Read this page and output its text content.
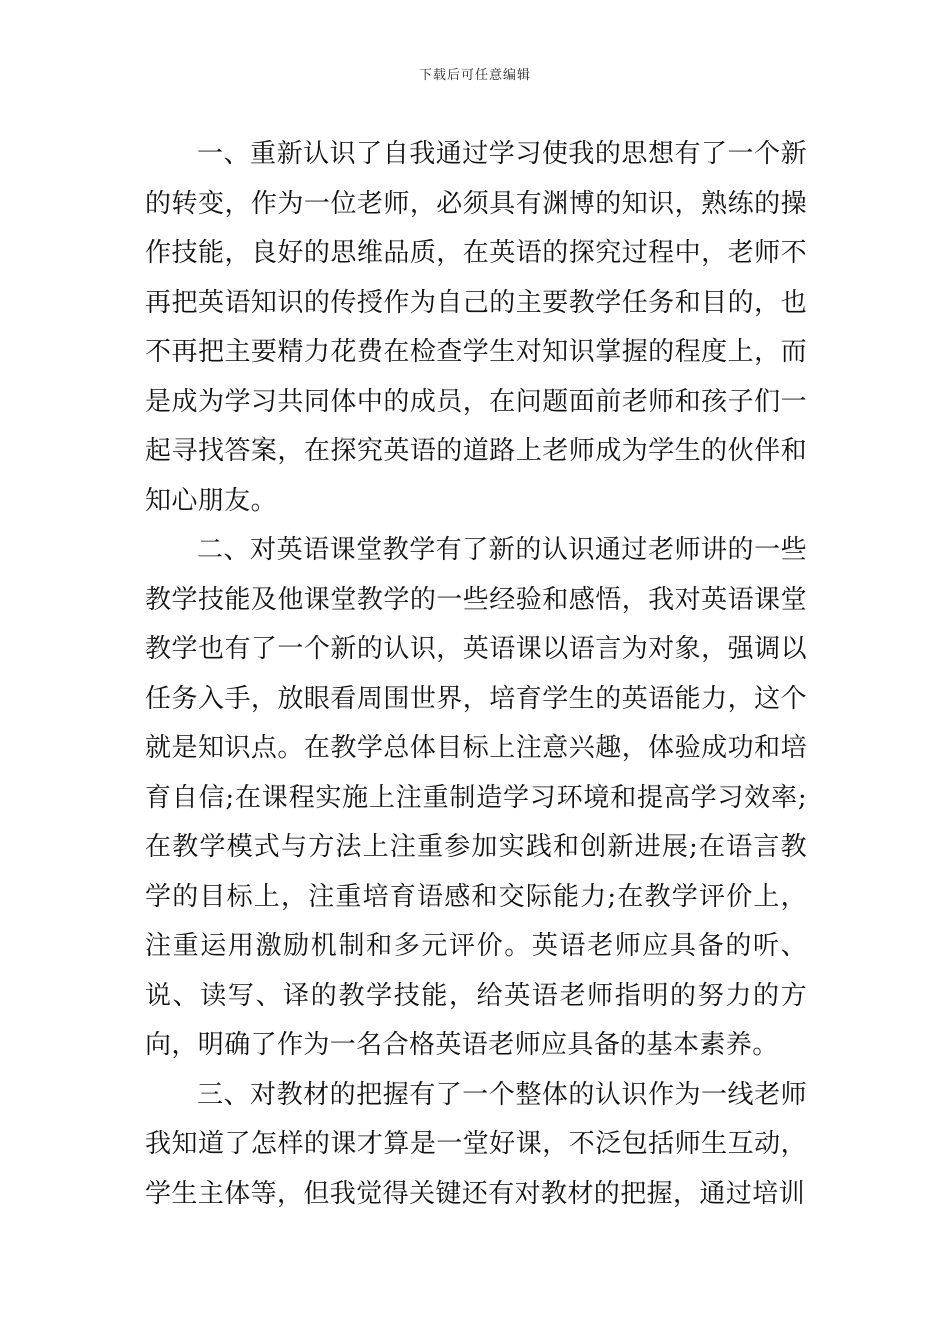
下载后可任意编辑

一、重新认识了自我通过学习使我的思想有了一个新的转变，作为一位老师，必须具有渊博的知识，熟练的操作技能，良好的思维品质，在英语的探究过程中，老师不再把英语知识的传授作为自己的主要教学任务和目的，也不再把主要精力花费在检查学生对知识掌握的程度上，而是成为学习共同体中的成员，在问题面前老师和孩子们一起寻找答案，在探究英语的道路上老师成为学生的伙伴和知心朋友。

二、对英语课堂教学有了新的认识通过老师讲的一些教学技能及他课堂教学的一些经验和感悟，我对英语课堂教学也有了一个新的认识，英语课以语言为对象，强调以任务入手，放眼看周围世界，培育学生的英语能力，这个就是知识点。在教学总体目标上注意兴趣，体验成功和培育自信;在课程实施上注重制造学习环境和提高学习效率;在教学模式与方法上注重参加实践和创新进展;在语言教学的目标上，注重培育语感和交际能力;在教学评价上，注重运用激励机制和多元评价。英语老师应具备的听、说、读写、译的教学技能，给英语老师指明的努力的方向，明确了作为一名合格英语老师应具备的基本素养。

三、对教材的把握有了一个整体的认识作为一线老师我知道了怎样的课才算是一堂好课，不泛包括师生互动，学生主体等，但我觉得关键还有对教材的把握，通过培训
